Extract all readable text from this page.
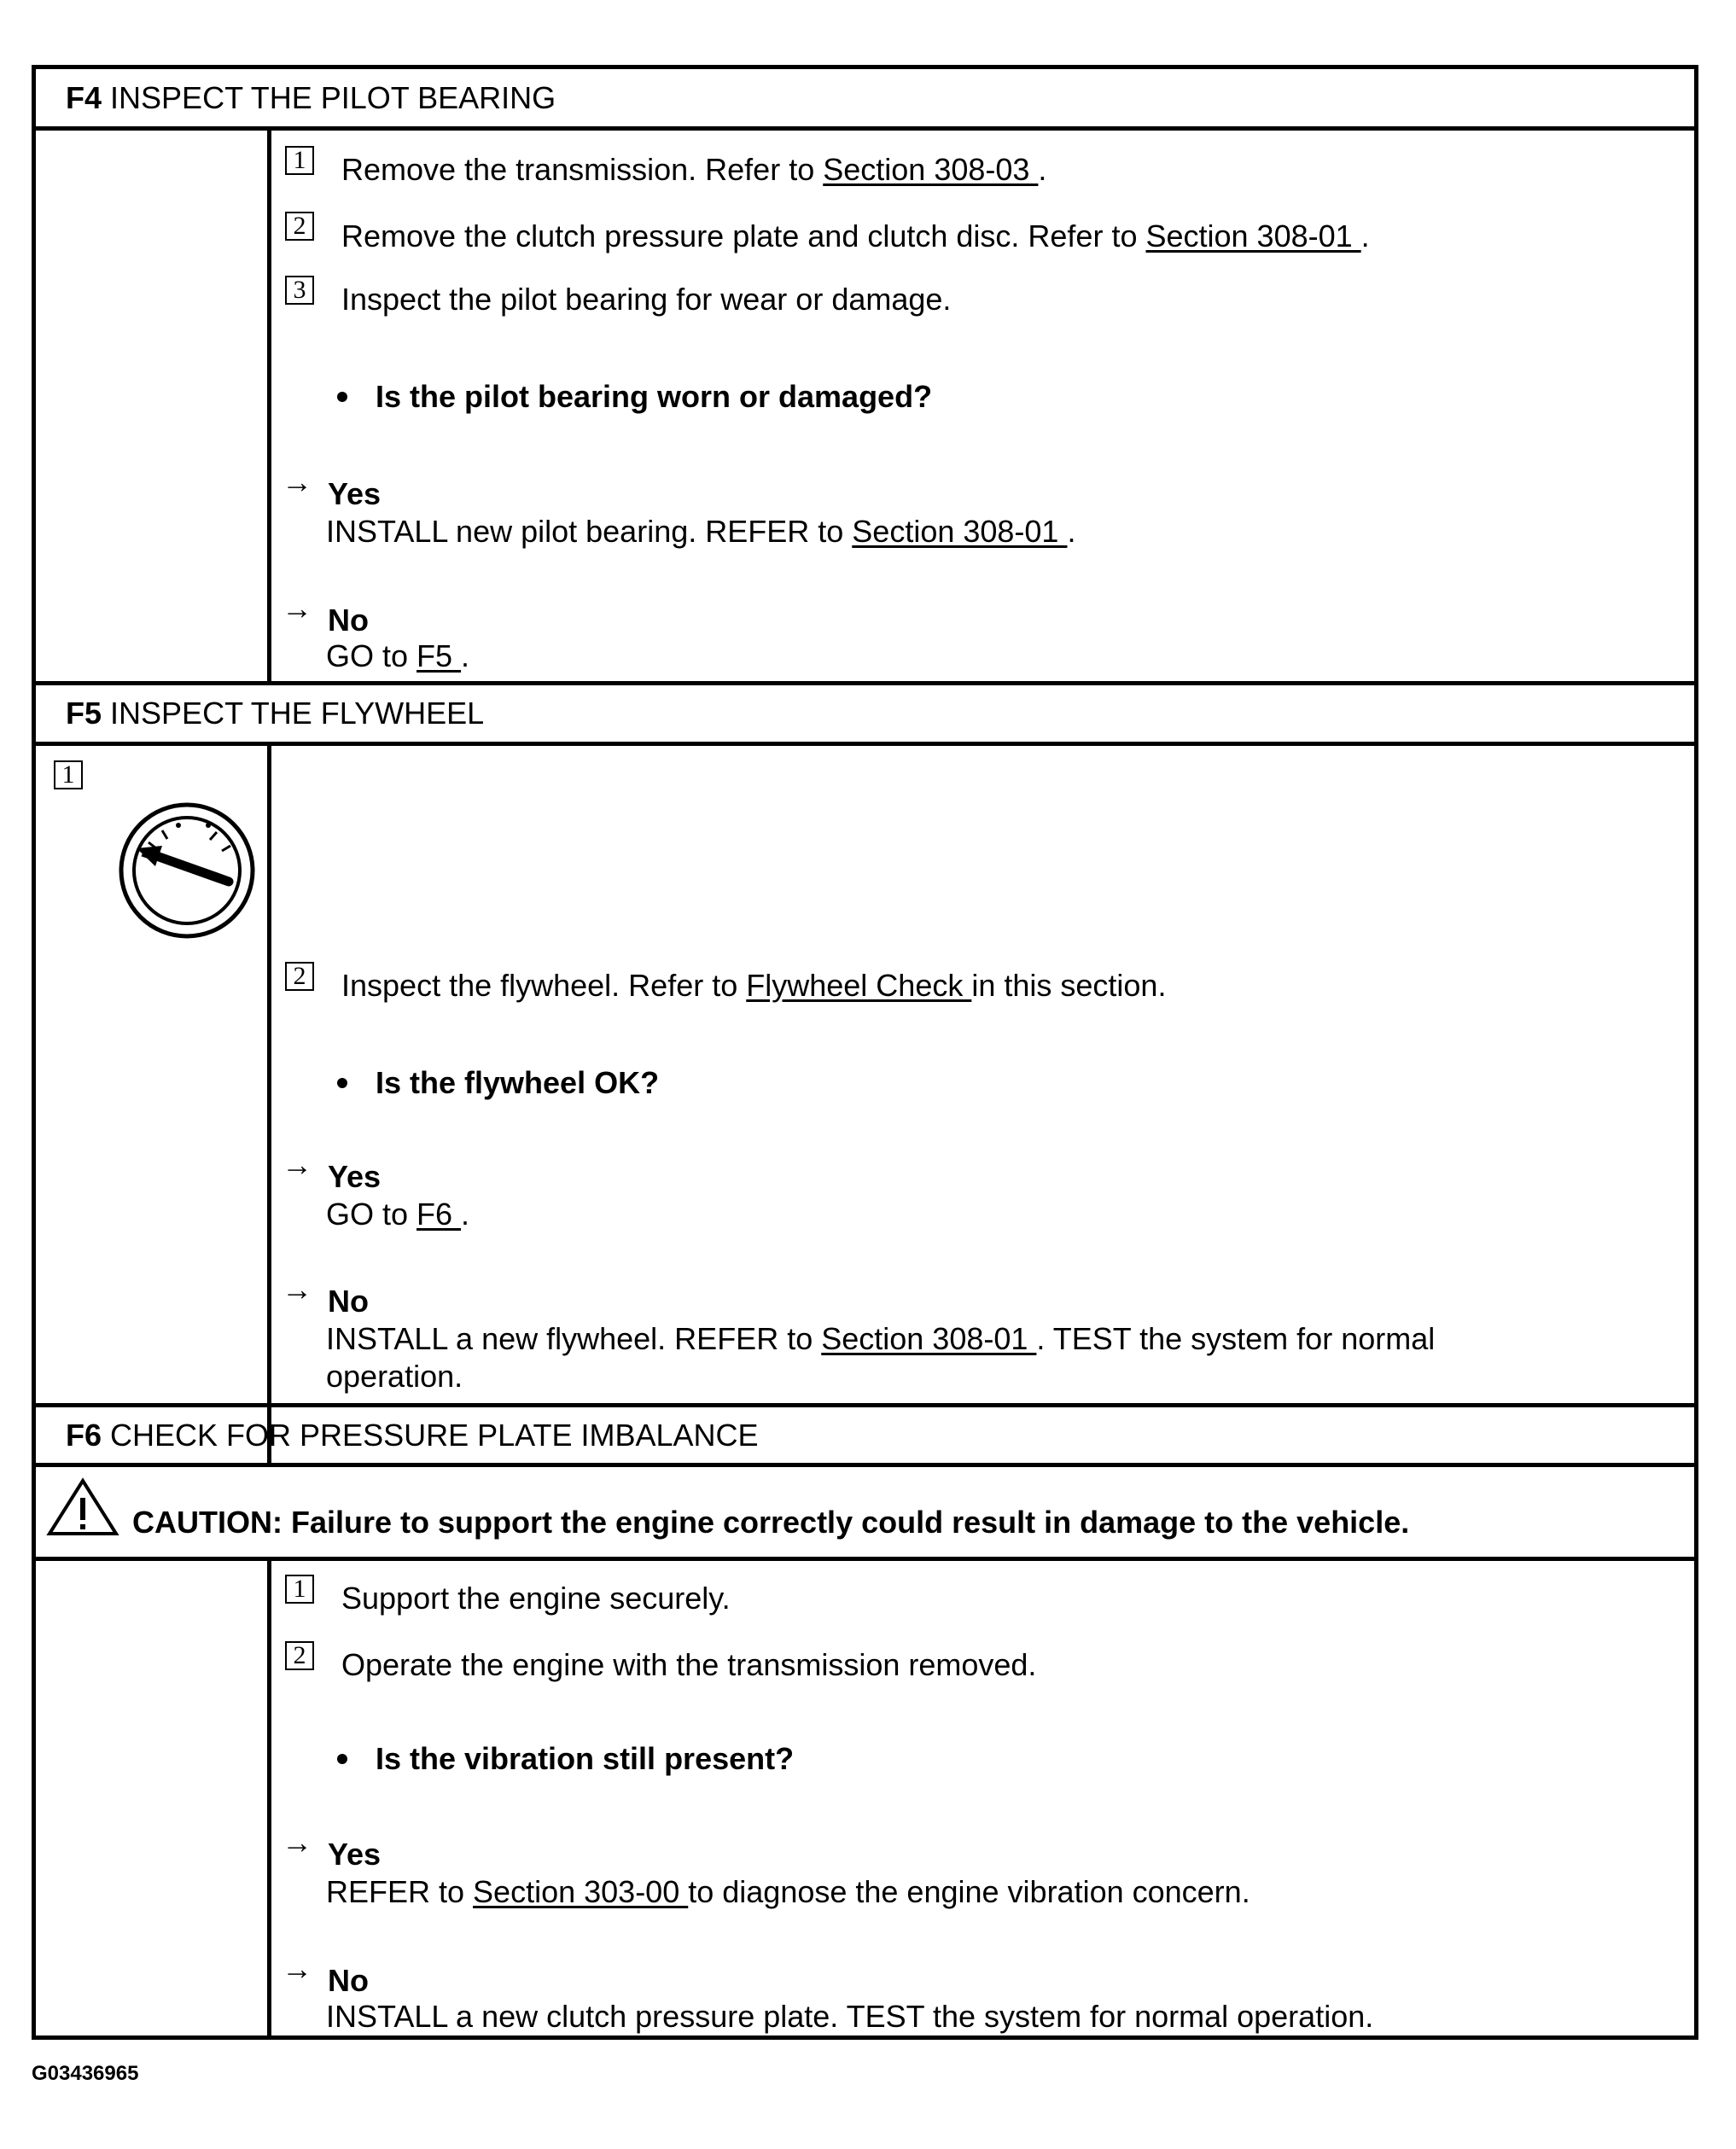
F4 INSPECT THE PILOT BEARING
1 Remove the transmission. Refer to Section 308-03 .
2 Remove the clutch pressure plate and clutch disc. Refer to Section 308-01 .
3 Inspect the pilot bearing for wear or damage.
Is the pilot bearing worn or damaged?
→ Yes
INSTALL new pilot bearing. REFER to Section 308-01 .
→ No
GO to F5 .
F5 INSPECT THE FLYWHEEL
1
2 Inspect the flywheel. Refer to Flywheel Check in this section.
Is the flywheel OK?
→ Yes
GO to F6 .
→ No
INSTALL a new flywheel. REFER to Section 308-01 . TEST the system for normal
operation.
F6 CHECK FOR PRESSURE PLATE IMBALANCE
CAUTION: Failure to support the engine correctly could result in damage to the vehicle.
1 Support the engine securely.
2 Operate the engine with the transmission removed.
Is the vibration still present?
→ Yes
REFER to Section 303-00 to diagnose the engine vibration concern.
→ No
INSTALL a new clutch pressure plate. TEST the system for normal operation.
G03436965
